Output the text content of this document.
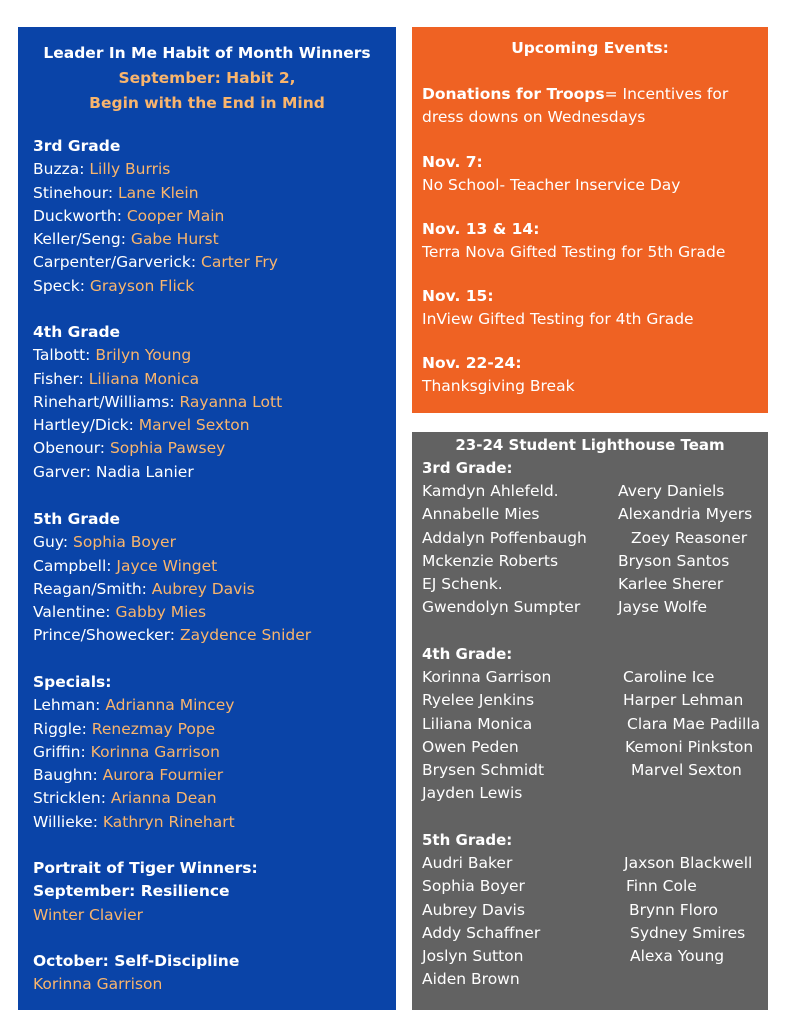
Leader In Me Habit of Month Winners
September: Habit 2,
Begin with the End in Mind
3rd Grade
Buzza: Lilly Burris
Stinehour: Lane Klein
Duckworth: Cooper Main
Keller/Seng: Gabe Hurst
Carpenter/Garverick: Carter Fry
Speck: Grayson Flick
4th Grade
Talbott: Brilyn Young
Fisher: Liliana Monica
Rinehart/Williams: Rayanna Lott
Hartley/Dick: Marvel Sexton
Obenour: Sophia Pawsey
Garver: Nadia Lanier
5th Grade
Guy: Sophia Boyer
Campbell: Jayce Winget
Reagan/Smith: Aubrey Davis
Valentine: Gabby Mies
Prince/Showecker: Zaydence Snider
Specials:
Lehman: Adrianna Mincey
Riggle: Renezmay Pope
Griffin: Korinna Garrison
Baughn: Aurora Fournier
Stricklen: Arianna Dean
Willieke: Kathryn Rinehart
Portrait of Tiger Winners:
September: Resilience
Winter Clavier
October: Self-Discipline
Korinna Garrison
Upcoming Events:
Donations for Troops= Incentives for dress downs on Wednesdays
Nov. 7:
No School- Teacher Inservice Day
Nov. 13 & 14:
Terra Nova Gifted Testing for 5th Grade
Nov. 15:
InView Gifted Testing for 4th Grade
Nov. 22-24:
Thanksgiving Break
23-24 Student Lighthouse Team
3rd Grade:
Kamdyn Ahlefeld.
Annabelle Mies
Addalyn Poffenbaugh
Mckenzie Roberts
EJ Schenk.
Gwendolyn Sumpter
Avery Daniels
Alexandria Myers
Zoey Reasoner
Bryson Santos
Karlee Sherer
Jayse Wolfe
4th Grade:
Korinna Garrison
Ryelee Jenkins
Liliana Monica
Owen Peden
Brysen Schmidt
Jayden Lewis
Caroline Ice
Harper Lehman
Clara Mae Padilla
Kemoni Pinkston
Marvel Sexton
5th Grade:
Audri Baker
Sophia Boyer
Aubrey Davis
Addy Schaffner
Joslyn Sutton
Aiden Brown
Jaxson Blackwell
Finn Cole
Brynn Floro
Sydney Smires
Alexa Young
